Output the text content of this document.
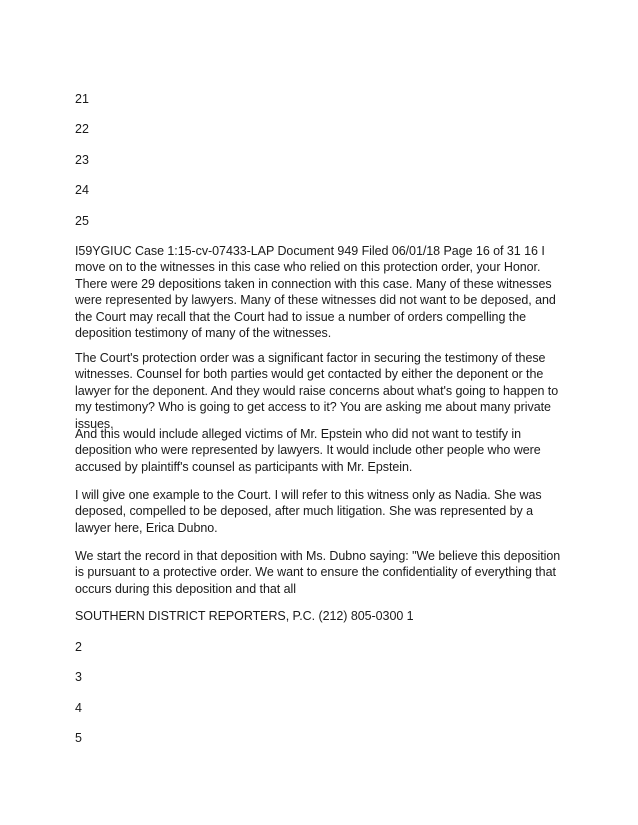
21

22

23

24

25

I59YGIUC Case 1:15-cv-07433-LAP Document 949 Filed 06/01/18 Page 16 of 31 16 I move on to the witnesses in this case who relied on this protection order, your Honor. There were 29 depositions taken in connection with this case. Many of these witnesses were represented by lawyers. Many of these witnesses did not want to be deposed, and the Court may recall that the Court had to issue a number of orders compelling the deposition testimony of many of the witnesses.

The Court's protection order was a significant factor in securing the testimony of these witnesses. Counsel for both parties would get contacted by either the deponent or the lawyer for the deponent. And they would raise concerns about what's going to happen to my testimony? Who is going to get access to it? You are asking me about many private issues.

And this would include alleged victims of Mr. Epstein who did not want to testify in deposition who were represented by lawyers. It would include other people who were accused by plaintiff's counsel as participants with Mr. Epstein.

I will give one example to the Court. I will refer to this witness only as Nadia. She was deposed, compelled to be deposed, after much litigation. She was represented by a lawyer here, Erica Dubno.

We start the record in that deposition with Ms. Dubno saying: "We believe this deposition is pursuant to a protective order. We want to ensure the confidentiality of everything that occurs during this deposition and that all

SOUTHERN DISTRICT REPORTERS, P.C. (212) 805-0300 1

2

3

4

5
